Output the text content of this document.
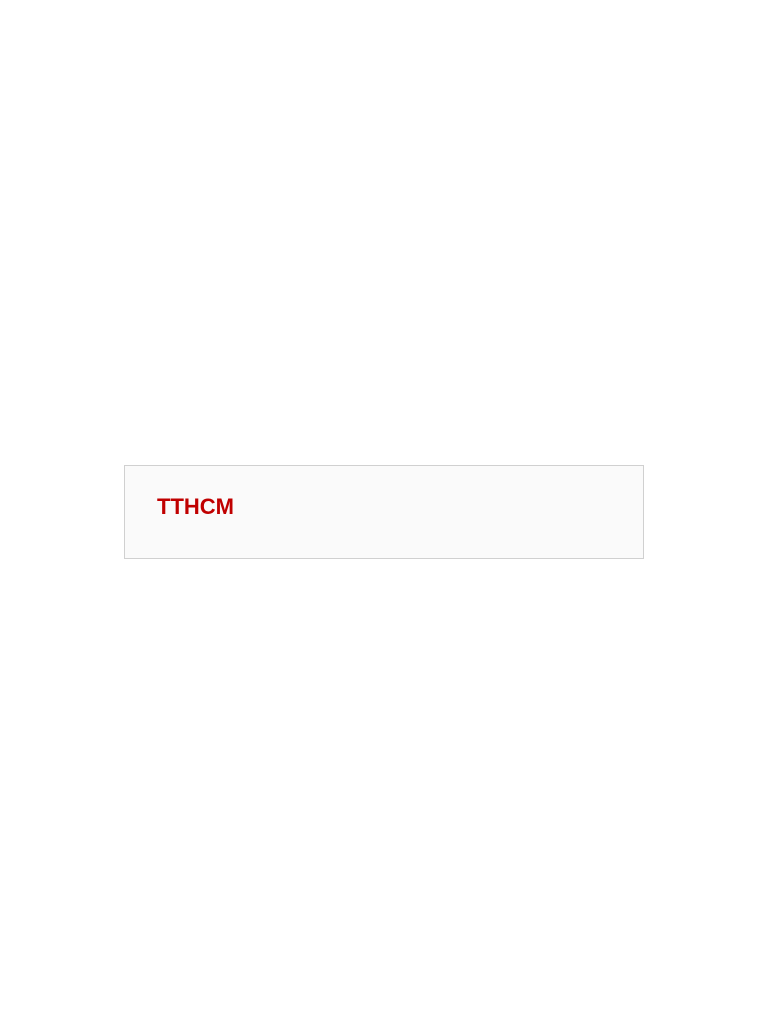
TTHCM
